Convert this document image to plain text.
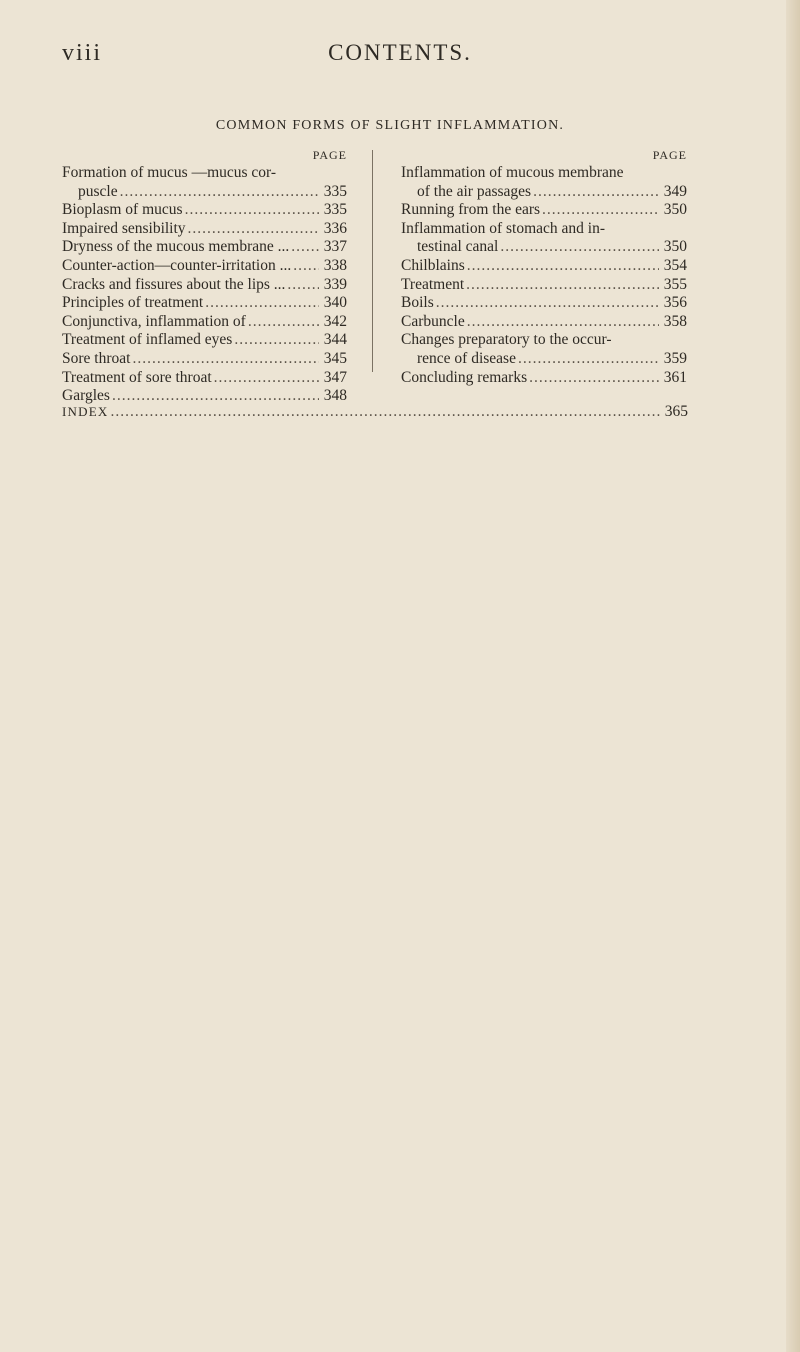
viii	CONTENTS.
COMMON FORMS OF SLIGHT INFLAMMATION.
PAGE
Formation of mucus —mucus cor-
puscle .....	335
Bioplasm of mucus .....	335
Impaired sensibility .....	336
Dryness of the mucous membrane ... ..... 337
Counter-action—counter-irritation ... ..... 338
Cracks and fissures about the lips ... ..... 339
Principles of treatment .....	340
Conjunctiva, inflammation of .....	342
Treatment of inflamed eyes .....	344
Sore throat .....	345
Treatment of sore throat .....	347
Gargles .....	348
PAGE
Inflammation of mucous membrane
of the air passages .....	349
Running from the ears .....	350
Inflammation of stomach and in-
testinal canal .....	350
Chilblains .....	354
Treatment .....	355
Boils .....	356
Carbuncle .....	358
Changes preparatory to the occur-
rence of disease .....	359
Concluding remarks .....	361
INDEX .....	365
